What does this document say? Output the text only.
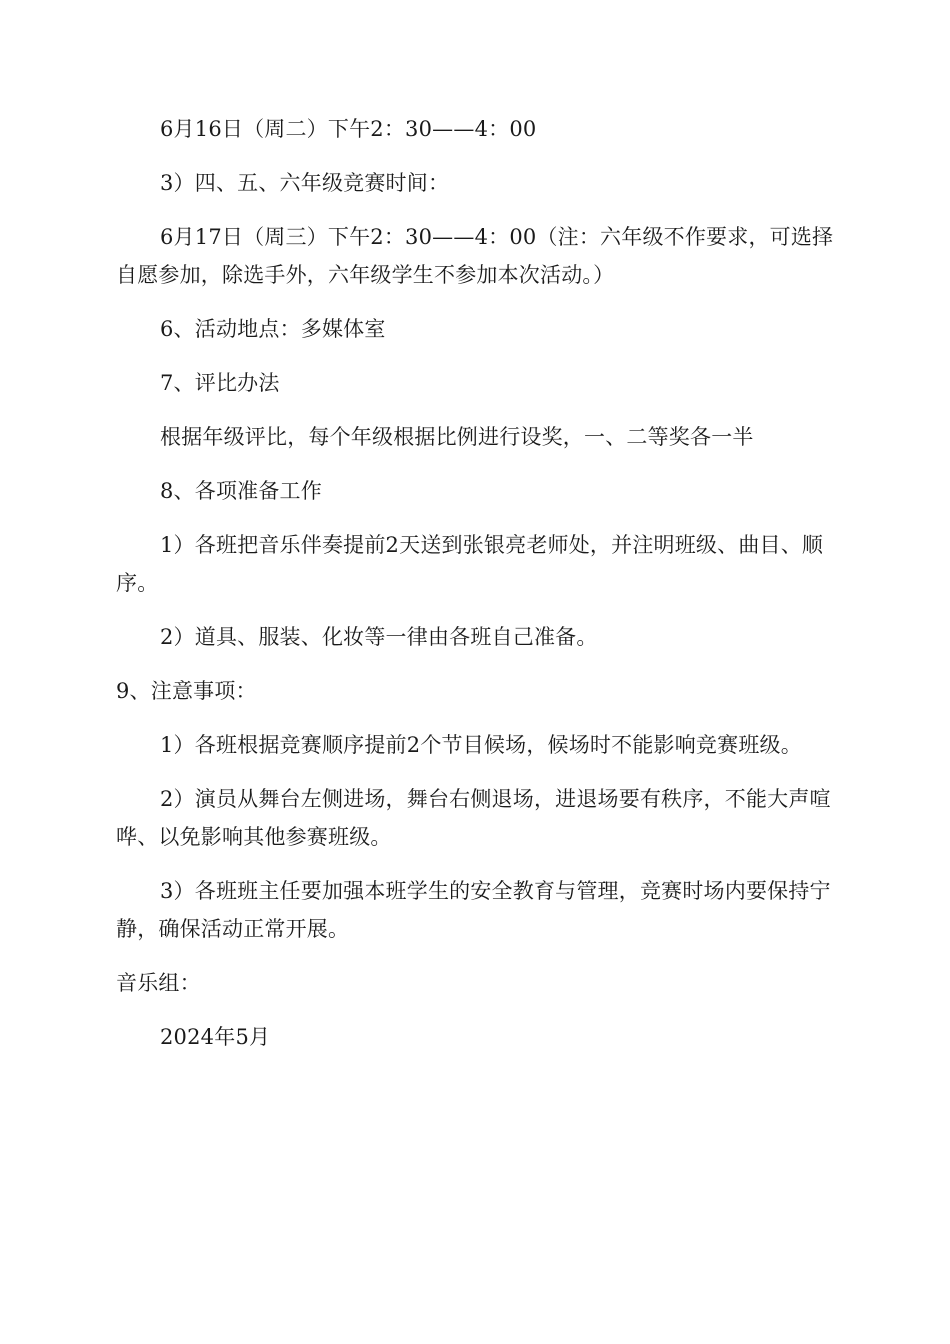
6月16日（周二）下午2：30——4：00

3）四、五、六年级竞赛时间：

6月17日（周三）下午2：30——4：00（注：六年级不作要求，可选择自愿参加，除选手外，六年级学生不参加本次活动。）

6、活动地点：多媒体室

7、评比办法

根据年级评比，每个年级根据比例进行设奖，一、二等奖各一半

8、各项准备工作

1）各班把音乐伴奏提前2天送到张银亮老师处，并注明班级、曲目、顺序。

2）道具、服装、化妆等一律由各班自己准备。

9、注意事项：

1）各班根据竞赛顺序提前2个节目候场，候场时不能影响竞赛班级。

2）演员从舞台左侧进场，舞台右侧退场，进退场要有秩序，不能大声喧哗、以免影响其他参赛班级。

3）各班班主任要加强本班学生的安全教育与管理，竞赛时场内要保持宁静，确保活动正常开展。

音乐组：

2024年5月
